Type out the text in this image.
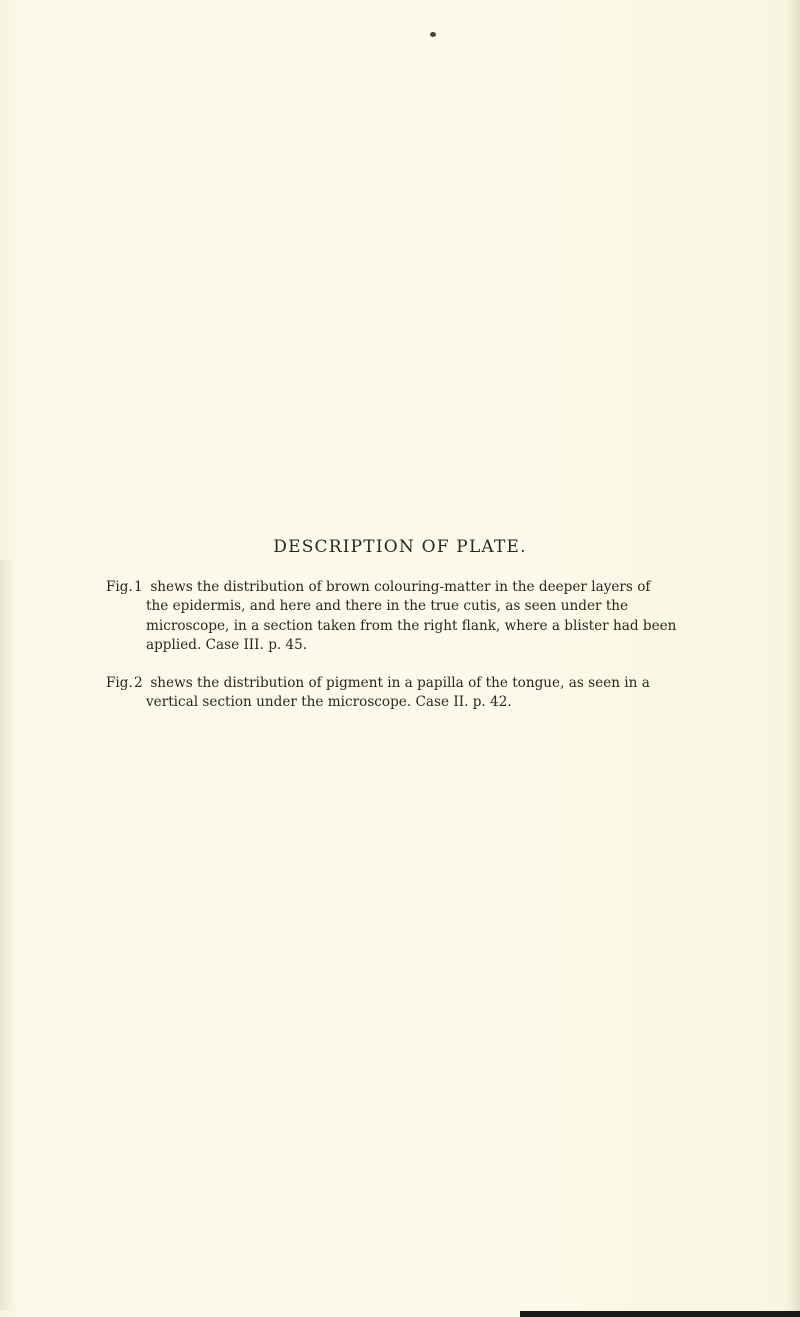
DESCRIPTION OF PLATE.
Fig.1 shews the distribution of brown colouring-matter in the deeper layers of
the epidermis, and here and there in the true cutis, as seen under the
microscope, in a section taken from the right flank, where a blister had been
applied. Case III. p. 45.
Fig.2 shews the distribution of pigment in a papilla of the tongue, as seen in a
vertical section under the microscope. Case II. p. 42.
